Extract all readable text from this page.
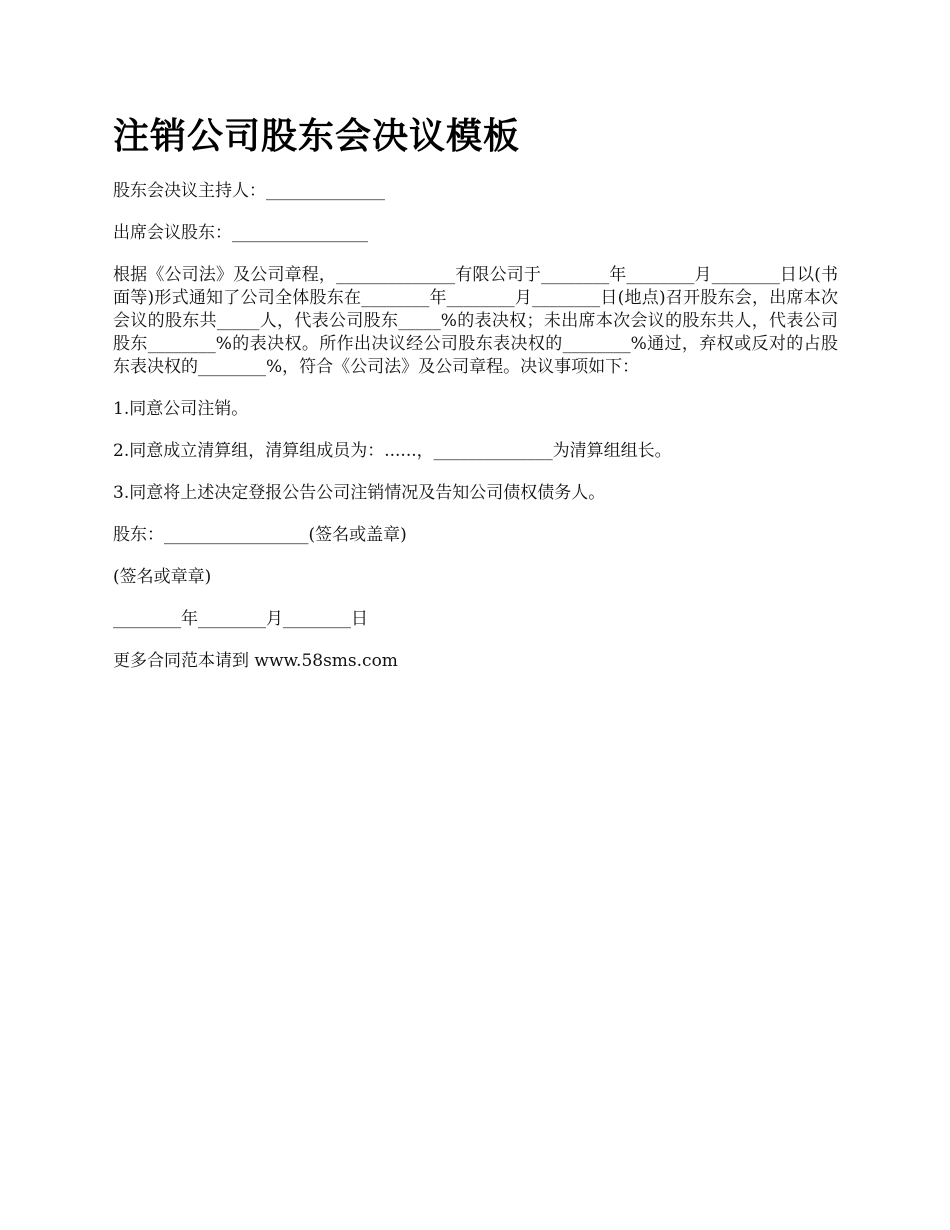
注销公司股东会决议模板

股东会决议主持人：______________

出席会议股东：________________

根据《公司法》及公司章程，______________有限公司于________年________月________日以(书面等)形式通知了公司全体股东在________年________月________日(地点)召开股东会，出席本次会议的股东共_____人，代表公司股东_____%的表决权；未出席本次会议的股东共人，代表公司股东________%的表决权。所作出决议经公司股东表决权的________%通过，弃权或反对的占股东表决权的________%，符合《公司法》及公司章程。决议事项如下：

1.同意公司注销。

2.同意成立清算组，清算组成员为：......，______________为清算组组长。

3.同意将上述决定登报公告公司注销情况及告知公司债权债务人。

股东：_________________(签名或盖章)

(签名或章章)

________年________月________日

更多合同范本请到 www.58sms.com
